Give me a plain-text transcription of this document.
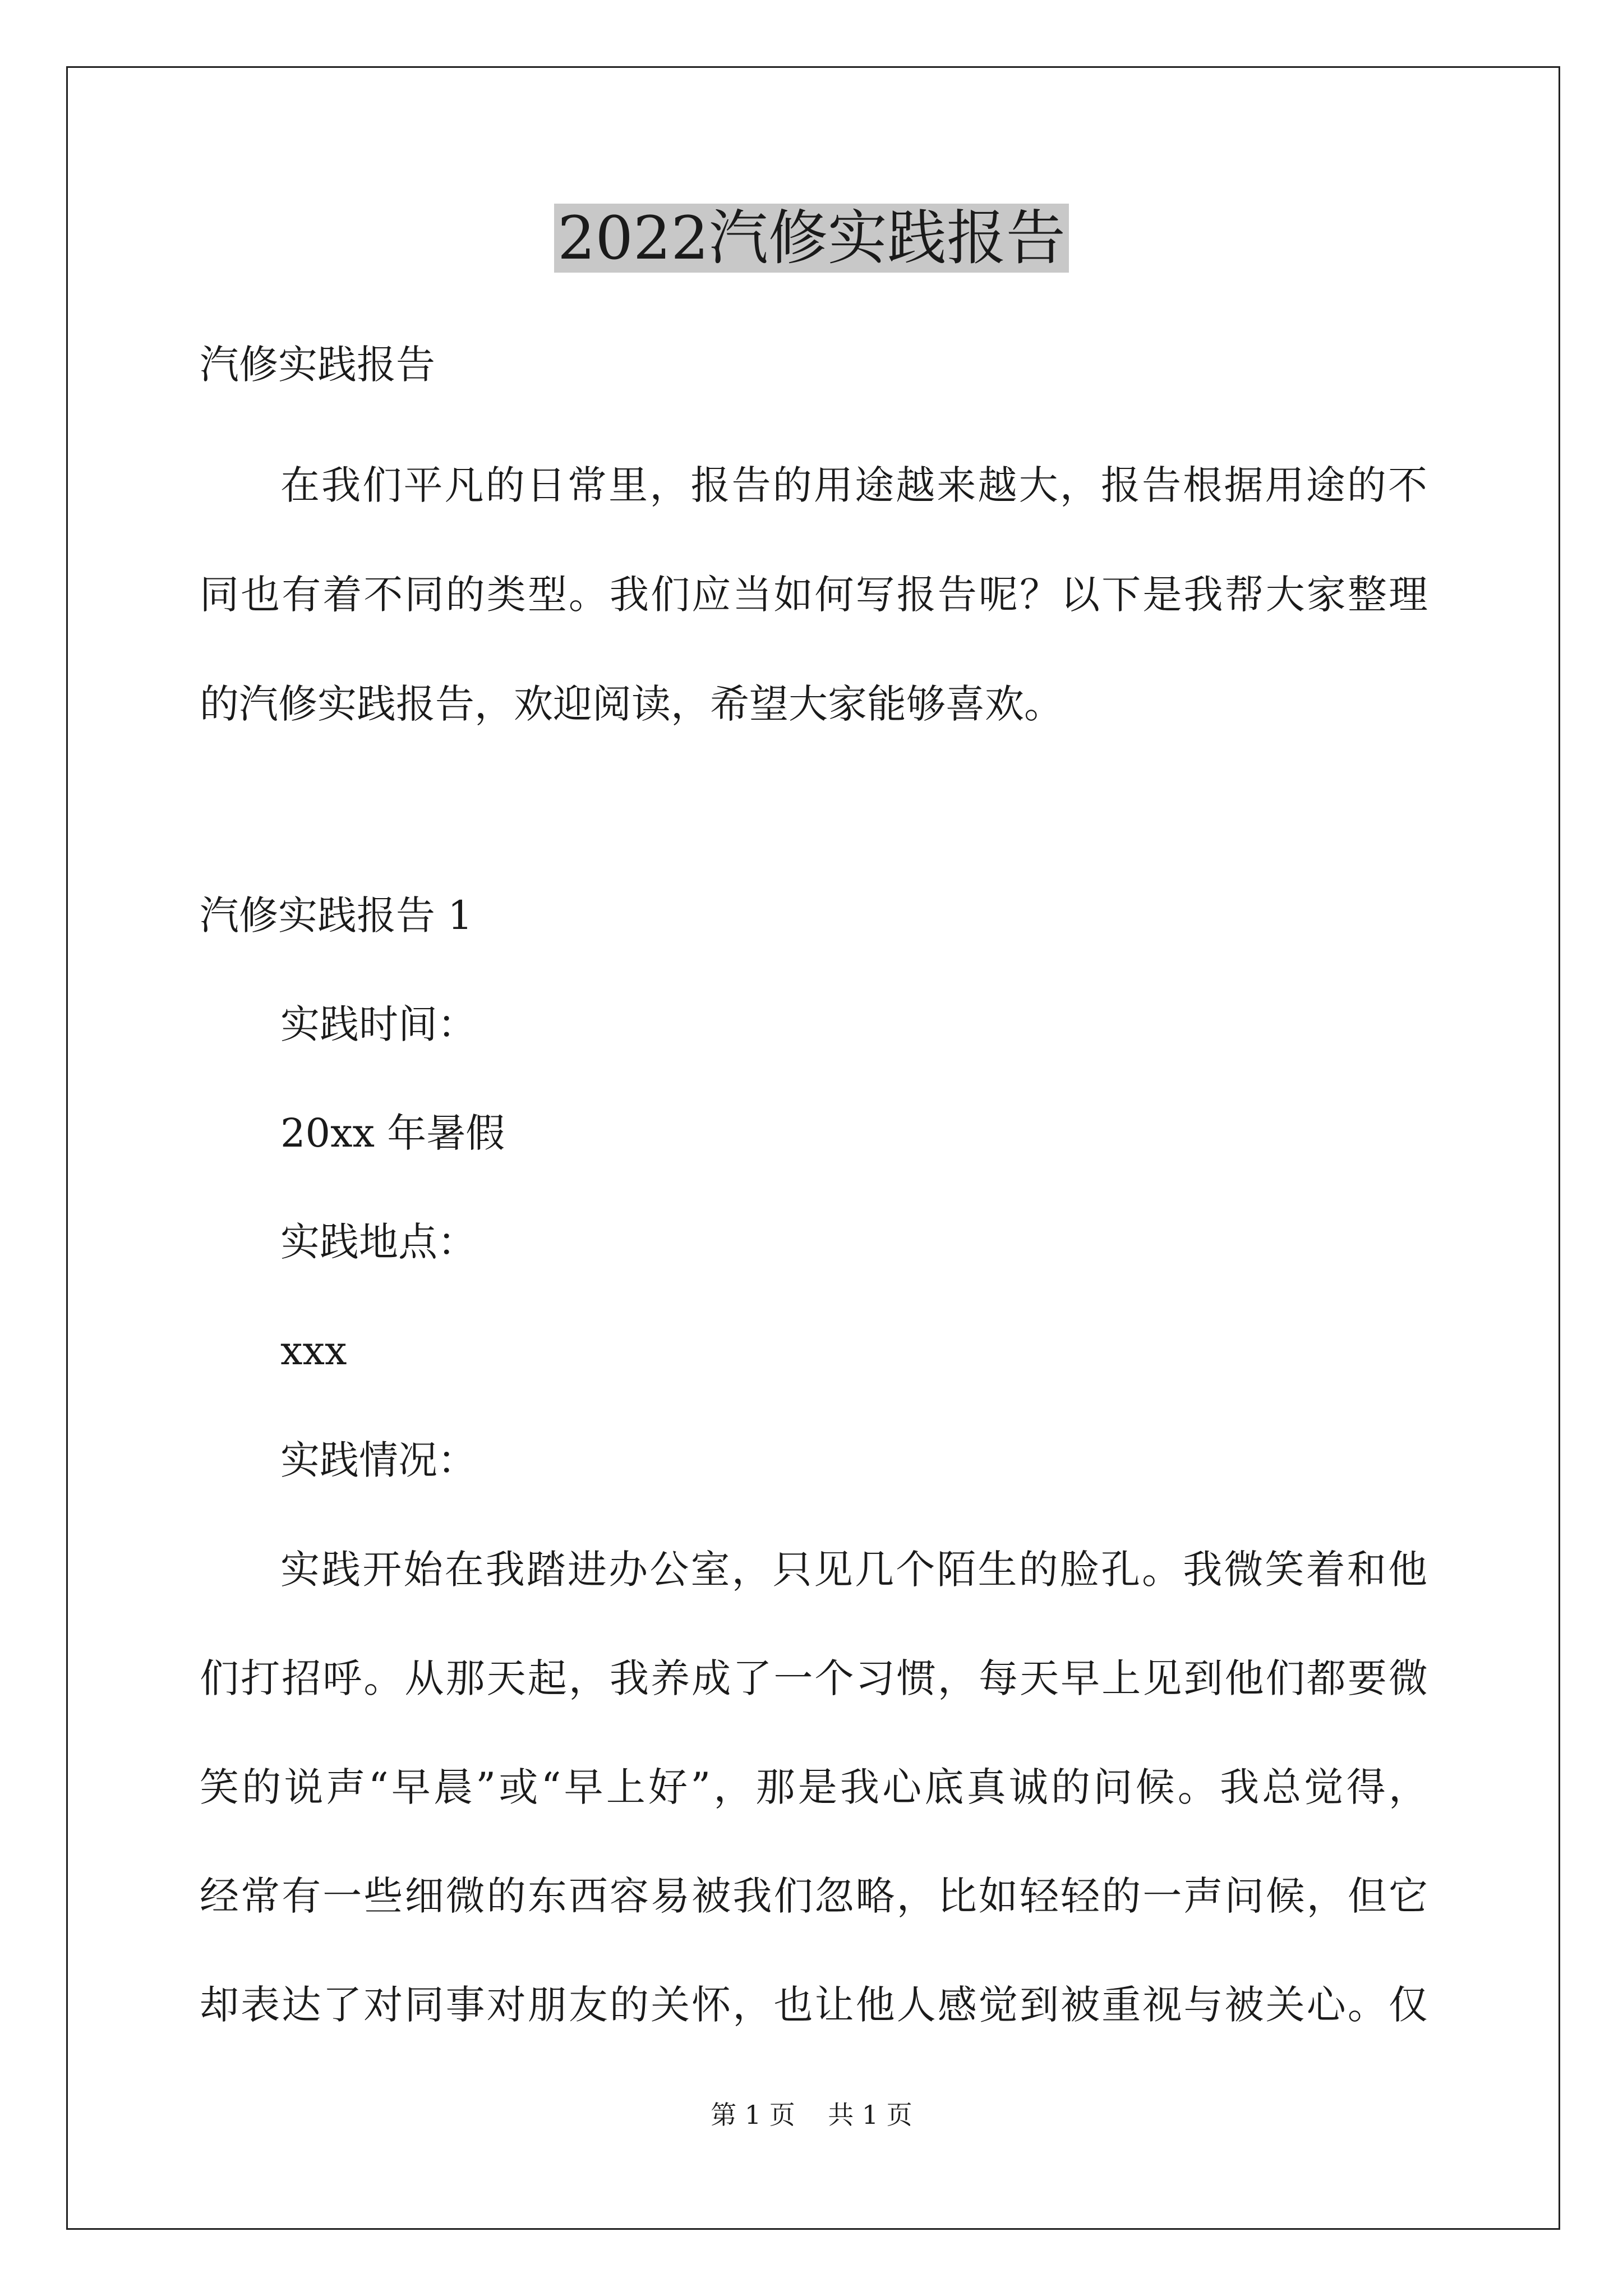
2022汽修实践报告
汽修实践报告
在我们平凡的日常里，报告的用途越来越大，报告根据用途的不
同也有着不同的类型。我们应当如何写报告呢？以下是我帮大家整理
的汽修实践报告，欢迎阅读，希望大家能够喜欢。
汽修实践报告 1
实践时间：
20xx 年暑假
实践地点：
xxx
实践情况：
实践开始在我踏进办公室，只见几个陌生的脸孔。我微笑着和他
们打招呼。从那天起，我养成了一个习惯，每天早上见到他们都要微
笑的说声“早晨”或“早上好”，那是我心底真诚的问候。我总觉得，
经常有一些细微的东西容易被我们忽略，比如轻轻的一声问候，但它
却表达了对同事对朋友的关怀，也让他人感觉到被重视与被关心。仅
第 1 页    共 1 页
